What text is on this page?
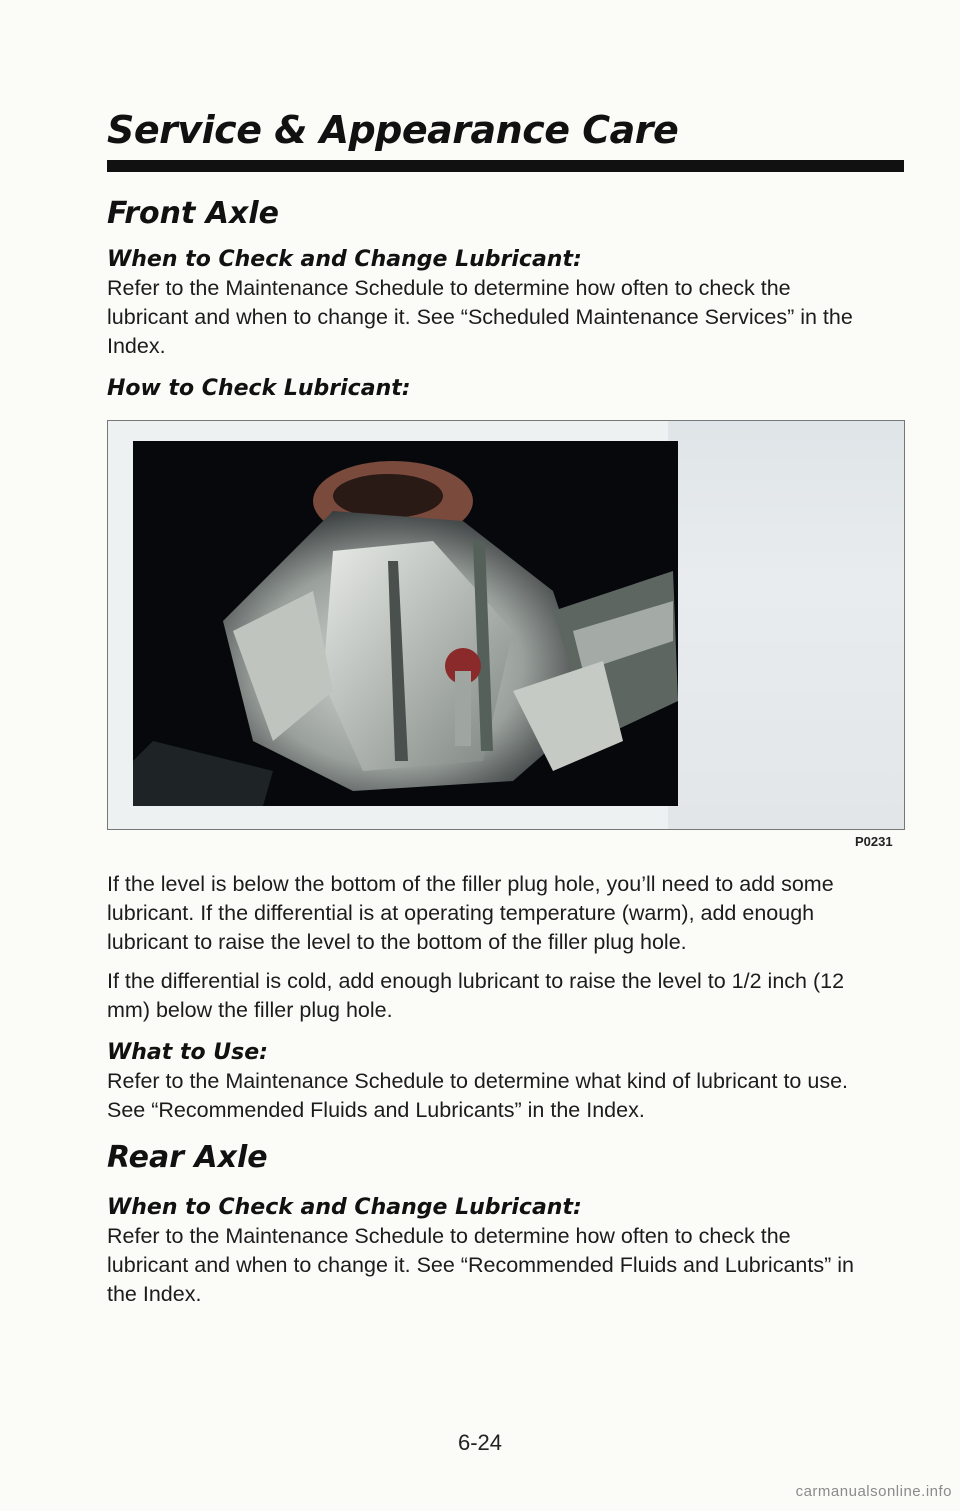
Service & Appearance Care
Front Axle
When to Check and Change Lubricant:

Refer to the Maintenance Schedule to determine how often to check the lubricant and when to change it. See “Scheduled Maintenance Services” in the Index.

How to Check Lubricant:
P0231

If the level is below the bottom of the filler plug hole, you’ll need to add some lubricant. If the differential is at operating temperature (warm), add enough lubricant to raise the level to the bottom of the filler plug hole.

If the differential is cold, add enough lubricant to raise the level to 1/2 inch (12 mm) below the filler plug hole.

What to Use:

Refer to the Maintenance Schedule to determine what kind of lubricant to use. See “Recommended Fluids and Lubricants” in the Index.

Rear Axle
When to Check and Change Lubricant:

Refer to the Maintenance Schedule to determine how often to check the lubricant and when to change it. See “Recommended Fluids and Lubricants” in the Index.

6-24
carmanualsonline.info
